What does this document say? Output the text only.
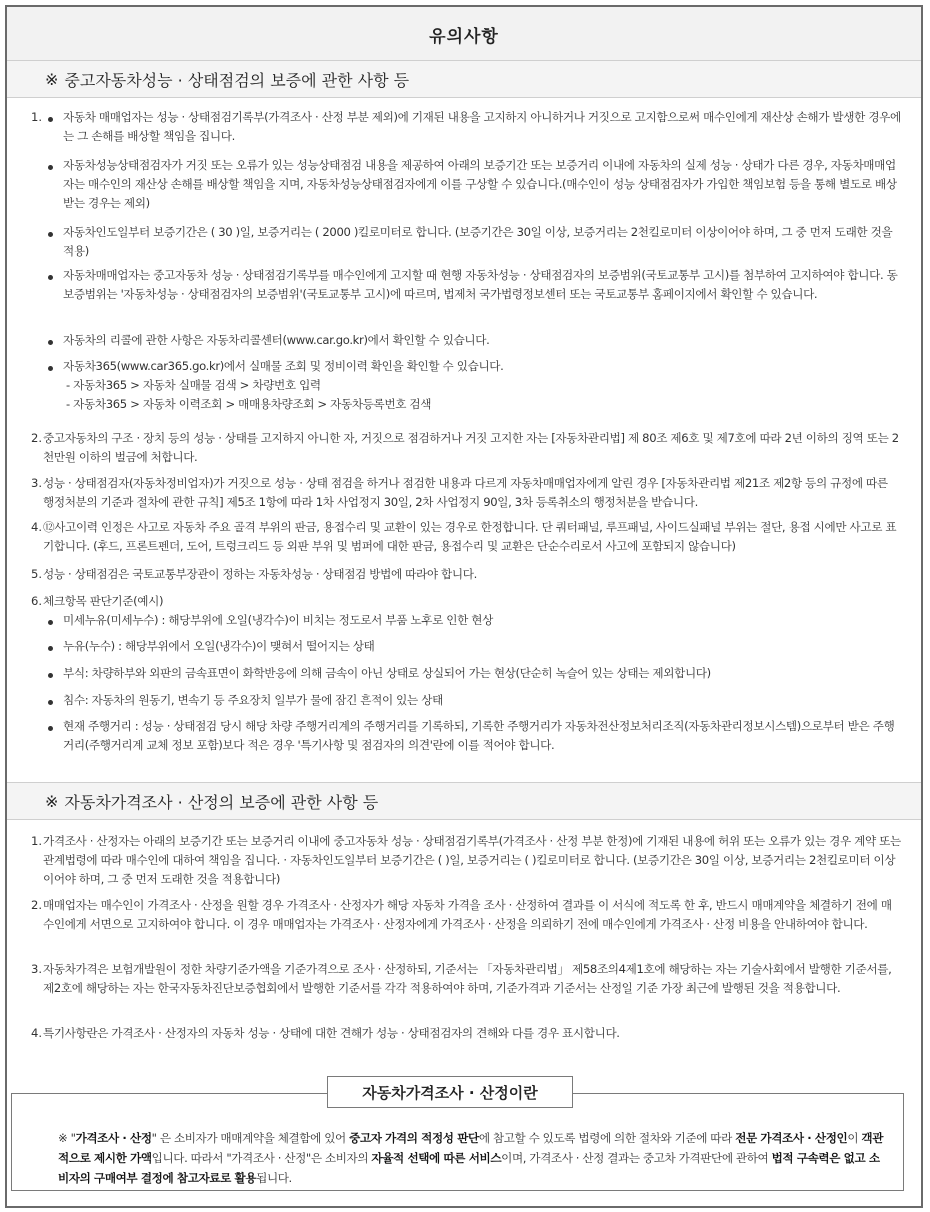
유의사항
※ 중고자동차성능 · 상태점검의 보증에 관한 사항 등
1. 자동차 매매업자는 성능 · 상태점검기록부(가격조사 · 산정 부분 제외)에 기재된 내용을 고지하지 아니하거나 거짓으로 고지함으로써 매수인에게 재산상 손해가 발생한 경우에는 그 손해를 배상할 책임을 집니다.
자동차성능상태점검자가 거짓 또는 오류가 있는 성능상태점검 내용을 제공하여 아래의 보증기간 또는 보증거리 이내에 자동차의 실제 성능 · 상태가 다른 경우, 자동차매매업자는 매수인의 재산상 손해를 배상할 책임을 지며, 자동차성능상태점검자에게 이를 구상할 수 있습니다.(매수인이 성능 상태점검자가 가입한 책임보험 등을 통해 별도로 배상받는 경우는 제외)
자동차인도일부터 보증기간은 ( 30 )일, 보증거리는 ( 2000 )킬로미터로 합니다. (보증기간은 30일 이상, 보증거리는 2천킬로미터 이상이어야 하며, 그 중 먼저 도래한 것을 적용)
자동차매매업자는 중고자동차 성능 · 상태점검기록부를 매수인에게 고지할 때 현행 자동차성능 · 상태점검자의 보증범위(국토교통부 고시)를 첨부하여 고지하여야 합니다. 동 보증범위는 '자동차성능 · 상태점검자의 보증범위'(국토교통부 고시)에 따르며, 법제처 국가법령정보센터 또는 국토교통부 홈페이지에서 확인할 수 있습니다.
자동차의 리콜에 관한 사항은 자동차리콜센터(www.car.go.kr)에서 확인할 수 있습니다.
자동차365(www.car365.go.kr)에서 실매물 조회 및 정비이력 확인을 확인할 수 있습니다.
- 자동차365 > 자동차 실매물 검색 > 차량번호 입력
- 자동차365 > 자동차 이력조회 > 매매용차량조회 > 자동차등록번호 검색
2. 중고자동차의 구조 · 장치 등의 성능 · 상태를 고지하지 아니한 자, 거짓으로 점검하거나 거짓 고지한 자는 [자동차관리법] 제 80조 제6호 및 제7호에 따라 2년 이하의 징역 또는 2천만원 이하의 벌금에 처합니다.
3. 성능 · 상태점검자(자동차정비업자)가 거짓으로 성능 · 상태 점검을 하거나 점검한 내용과 다르게 자동차매매업자에게 알린 경우 [자동차관리법 제21조 제2항 등의 규정에 따른 행정처분의 기준과 절차에 관한 규칙] 제5조 1항에 따라 1차 사업정지 30일, 2차 사업정지 90일, 3차 등록취소의 행정처분을 받습니다.
4. ⑫사고이력 인정은 사고로 자동차 주요 골격 부위의 판금, 용접수리 및 교환이 있는 경우로 한정합니다. 단 쿼터패널, 루프패널, 사이드실패널 부위는 절단, 용접 시에만 사고로 표기합니다. (후드, 프론트펜더, 도어, 트렁크리드 등 외판 부위 및 범퍼에 대한 판금, 용접수리 및 교환은 단순수리로서 사고에 포함되지 않습니다)
5. 성능 · 상태점검은 국토교통부장관이 정하는 자동차성능 · 상태점검 방법에 따라야 합니다.
6. 체크항목 판단기준(예시)
미세누유(미세누수) : 해당부위에 오일(냉각수)이 비치는 정도로서 부품 노후로 인한 현상
누유(누수) : 해당부위에서 오일(냉각수)이 맺혀서 떨어지는 상태
부식: 차량하부와 외판의 금속표면이 화학반응에 의해 금속이 아닌 상태로 상실되어 가는 현상(단순히 녹슬어 있는 상태는 제외합니다)
침수: 자동차의 원동기, 변속기 등 주요장치 일부가 물에 잠긴 흔적이 있는 상태
현재 주행거리 : 성능 · 상태점검 당시 해당 차량 주행거리계의 주행거리를 기록하되, 기록한 주행거리가 자동차전산정보처리조직(자동차관리정보시스템)으로부터 받은 주행거리(주행거리계 교체 정보 포함)보다 적은 경우 '특기사항 및 점검자의 의견'란에 이를 적어야 합니다.
※ 자동차가격조사 · 산정의 보증에 관한 사항 등
1. 가격조사 · 산정자는 아래의 보증기간 또는 보증거리 이내에 중고자동차 성능 · 상태점검기록부(가격조사 · 산정 부분 한정)에 기재된 내용에 허위 또는 오류가 있는 경우 계약 또는 관계법령에 따라 매수인에 대하여 책임을 집니다. · 자동차인도일부터 보증기간은 ( )일, 보증거리는 ( )킬로미터로 합니다. (보증기간은 30일 이상, 보증거리는 2천킬로미터 이상이어야 하며, 그 중 먼저 도래한 것을 적용합니다)
2. 매매업자는 매수인이 가격조사 · 산정을 원할 경우 가격조사 · 산정자가 해당 자동차 가격을 조사 · 산정하여 결과를 이 서식에 적도록 한 후, 반드시 매매계약을 체결하기 전에 매수인에게 서면으로 고지하여야 합니다. 이 경우 매매업자는 가격조사 · 산정자에게 가격조사 · 산정을 의뢰하기 전에 매수인에게 가격조사 · 산정 비용을 안내하여야 합니다.
3. 자동차가격은 보험개발원이 정한 차량기준가액을 기준가격으로 조사 · 산정하되, 기준서는 「자동차관리법」 제58조의4제1호에 해당하는 자는 기술사회에서 발행한 기준서를, 제2호에 해당하는 자는 한국자동차진단보증협회에서 발행한 기준서를 각각 적용하여야 하며, 기준가격과 기준서는 산정일 기준 가장 최근에 발행된 것을 적용합니다.
4. 특기사항란은 가격조사 · 산정자의 자동차 성능 · 상태에 대한 견해가 성능 · 상태점검자의 견해와 다를 경우 표시합니다.
자동차가격조사 · 산정이란
※ "가격조사 · 산정" 은 소비자가 매매계약을 체결함에 있어 중고자 가격의 적정성 판단에 참고할 수 있도록 법령에 의한 절차와 기준에 따라 전문 가격조사 · 산정인이 객관적으로 제시한 가액입니다. 따라서 "가격조사 · 산정"은 소비자의 자율적 선택에 따른 서비스이며, 가격조사 · 산정 결과는 중고차 가격판단에 관하여 법적 구속력은 없고 소비자의 구매여부 결정에 참고자료로 활용됩니다.
